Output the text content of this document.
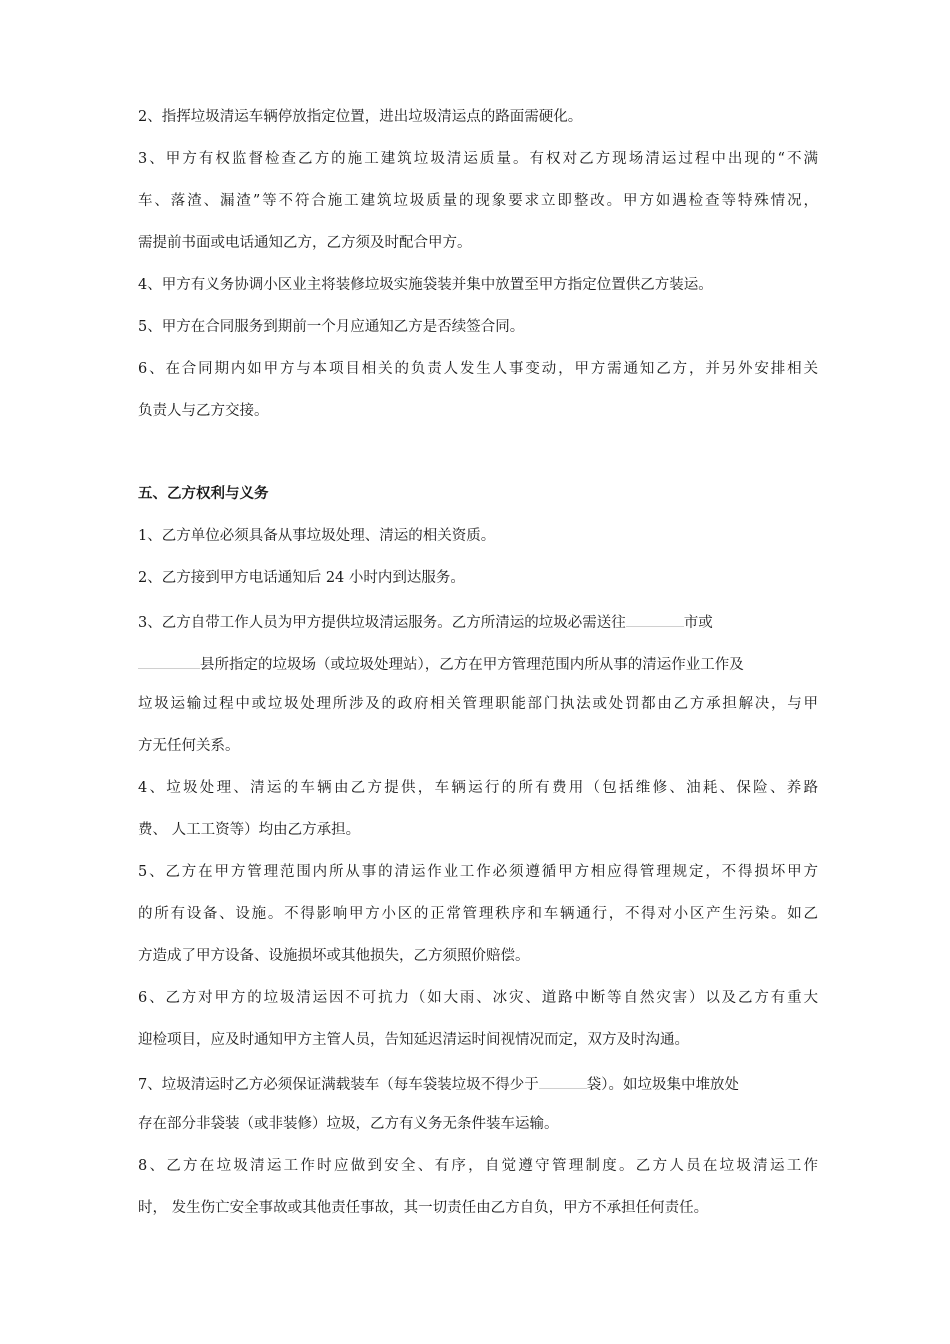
2、指挥垃圾清运车辆停放指定位置，进出垃圾清运点的路面需硬化。
3、甲方有权监督检查乙方的施工建筑垃圾清运质量。有权对乙方现场清运过程中出现的“不满
车、落渣、漏渣”等不符合施工建筑垃圾质量的现象要求立即整改。甲方如遇检查等特殊情况，
需提前书面或电话通知乙方，乙方须及时配合甲方。
4、甲方有义务协调小区业主将装修垃圾实施袋装并集中放置至甲方指定位置供乙方装运。
5、甲方在合同服务到期前一个月应通知乙方是否续签合同。
6、在合同期内如甲方与本项目相关的负责人发生人事变动，甲方需通知乙方，并另外安排相关
负责人与乙方交接。
五、乙方权利与义务
1、乙方单位必须具备从事垃圾处理、清运的相关资质。
2、乙方接到甲方电话通知后 24 小时内到达服务。
3、乙方自带工作人员为甲方提供垃圾清运服务。乙方所清运的垃圾必需送往	市或
县所指定的垃圾场（或垃圾处理站），乙方在甲方管理范围内所从事的清运作业工作及
垃圾运输过程中或垃圾处理所涉及的政府相关管理职能部门执法或处罚都由乙方承担解决，与甲
方无任何关系。
4、垃圾处理、清运的车辆由乙方提供，车辆运行的所有费用（包括维修、油耗、保险、养路
费、 人工工资等）均由乙方承担。
5、乙方在甲方管理范围内所从事的清运作业工作必须遵循甲方相应得管理规定，不得损坏甲方
的所有设备、设施。不得影响甲方小区的正常管理秩序和车辆通行，不得对小区产生污染。如乙
方造成了甲方设备、设施损坏或其他损失，乙方须照价赔偿。
6、乙方对甲方的垃圾清运因不可抗力（如大雨、冰灾、道路中断等自然灾害）以及乙方有重大
迎检项目，应及时通知甲方主管人员，告知延迟清运时间视情况而定，双方及时沟通。
7、垃圾清运时乙方必须保证满载装车（每车袋装垃圾不得少于	袋）。如垃圾集中堆放处
存在部分非袋装（或非装修）垃圾，乙方有义务无条件装车运输。
8、乙方在垃圾清运工作时应做到安全、有序，自觉遵守管理制度。乙方人员在垃圾清运工作
时， 发生伤亡安全事故或其他责任事故，其一切责任由乙方自负，甲方不承担任何责任。
